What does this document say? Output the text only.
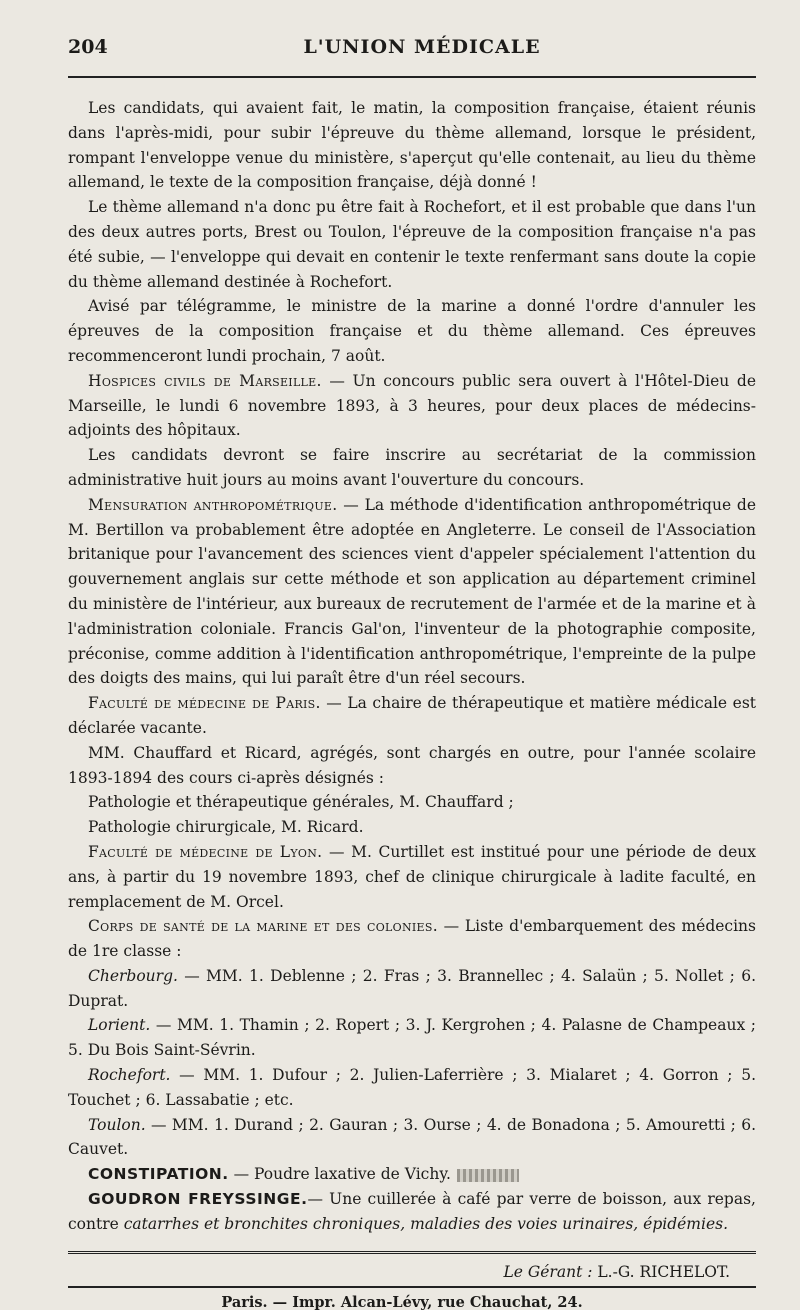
204	L'UNION MÉDICALE

Les candidats, qui avaient fait, le matin, la composition française, étaient réunis dans l'après-midi, pour subir l'épreuve du thème allemand, lorsque le président, rompant l'enveloppe venue du ministère, s'aperçut qu'elle contenait, au lieu du thème allemand, le texte de la composition française, déjà donné !

Le thème allemand n'a donc pu être fait à Rochefort, et il est probable que dans l'un des deux autres ports, Brest ou Toulon, l'épreuve de la composition française n'a pas été subie, — l'enveloppe qui devait en contenir le texte renfermant sans doute la copie du thème allemand destinée à Rochefort.

Avisé par télégramme, le ministre de la marine a donné l'ordre d'annuler les épreuves de la composition française et du thème allemand. Ces épreuves recommenceront lundi prochain, 7 août.

Hospices civils de Marseille. — Un concours public sera ouvert à l'Hôtel-Dieu de Marseille, le lundi 6 novembre 1893, à 3 heures, pour deux places de médecins-adjoints des hôpitaux.

Les candidats devront se faire inscrire au secrétariat de la commission administrative huit jours au moins avant l'ouverture du concours.

Mensuration anthropométrique. — La méthode d'identification anthropométrique de M. Bertillon va probablement être adoptée en Angleterre. Le conseil de l'Association britanique pour l'avancement des sciences vient d'appeler spécialement l'attention du gouvernement anglais sur cette méthode et son application au département criminel du ministère de l'intérieur, aux bureaux de recrutement de l'armée et de la marine et à l'administration coloniale. Francis Gal'on, l'inventeur de la photographie composite, préconise, comme addition à l'identification anthropométrique, l'empreinte de la pulpe des doigts des mains, qui lui paraît être d'un réel secours.

Faculté de médecine de Paris. — La chaire de thérapeutique et matière médicale est déclarée vacante.

MM. Chauffard et Ricard, agrégés, sont chargés en outre, pour l'année scolaire 1893-1894 des cours ci-après désignés :

Pathologie et thérapeutique générales, M. Chauffard ;

Pathologie chirurgicale, M. Ricard.

Faculté de médecine de Lyon. — M. Curtillet est institué pour une période de deux ans, à partir du 19 novembre 1893, chef de clinique chirurgicale à ladite faculté, en remplacement de M. Orcel.

Corps de santé de la marine et des colonies. — Liste d'embarquement des médecins de 1re classe :

Cherbourg. — MM. 1. Deblenne ; 2. Fras ; 3. Brannellec ; 4. Salaün ; 5. Nollet ; 6. Duprat.

Lorient. — MM. 1. Thamin ; 2. Ropert ; 3. J. Kergrohen ; 4. Palasne de Champeaux ; 5. Du Bois Saint-Sévrin.

Rochefort. — MM. 1. Dufour ; 2. Julien-Laferrière ; 3. Mialaret ; 4. Gorron ; 5. Touchet ; 6. Lassabatie ; etc.

Toulon. — MM. 1. Durand ; 2. Gauran ; 3. Ourse ; 4. de Bonadona ; 5. Amouretti ; 6. Cauvet.

CONSTIPATION. — Poudre laxative de Vichy.

GOUDRON FREYSSINGE.— Une cuillerée à café par verre de boisson, aux repas, contre catarrhes et bronchites chroniques, maladies des voies urinaires, épidémies.

Le Gérant : L.-G. RICHELOT.
Paris. — Impr. Alcan-Lévy, rue Chauchat, 24.
